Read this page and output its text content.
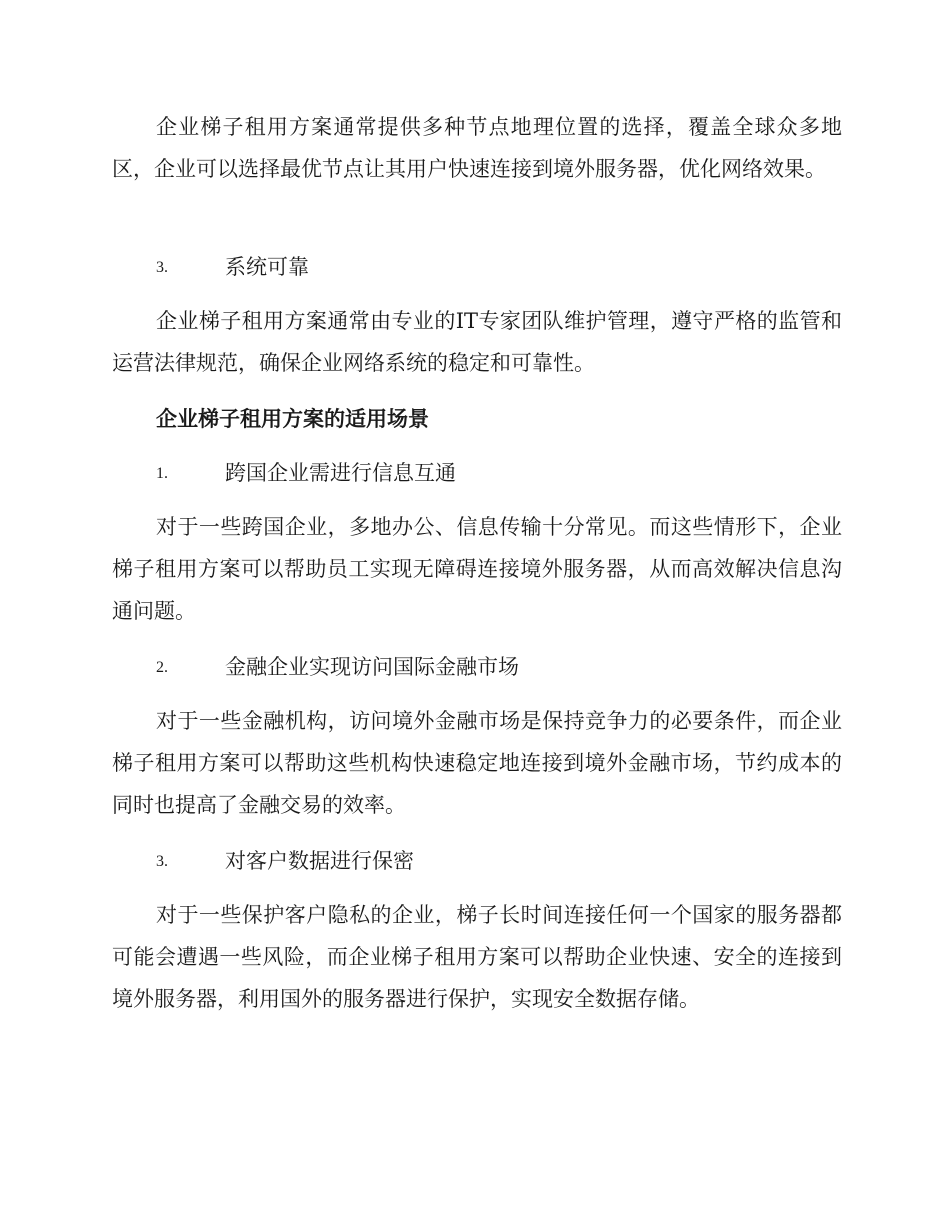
企业梯子租用方案通常提供多种节点地理位置的选择，覆盖全球众多地区，企业可以选择最优节点让其用户快速连接到境外服务器，优化网络效果。

3.	系统可靠

企业梯子租用方案通常由专业的IT专家团队维护管理，遵守严格的监管和运营法律规范，确保企业网络系统的稳定和可靠性。

企业梯子租用方案的适用场景
1.	跨国企业需进行信息互通

对于一些跨国企业，多地办公、信息传输十分常见。而这些情形下，企业梯子租用方案可以帮助员工实现无障碍连接境外服务器，从而高效解决信息沟通问题。

2.	金融企业实现访问国际金融市场

对于一些金融机构，访问境外金融市场是保持竞争力的必要条件，而企业梯子租用方案可以帮助这些机构快速稳定地连接到境外金融市场，节约成本的同时也提高了金融交易的效率。

3.	对客户数据进行保密

对于一些保护客户隐私的企业，梯子长时间连接任何一个国家的服务器都可能会遭遇一些风险，而企业梯子租用方案可以帮助企业快速、安全的连接到境外服务器，利用国外的服务器进行保护，实现安全数据存储。
